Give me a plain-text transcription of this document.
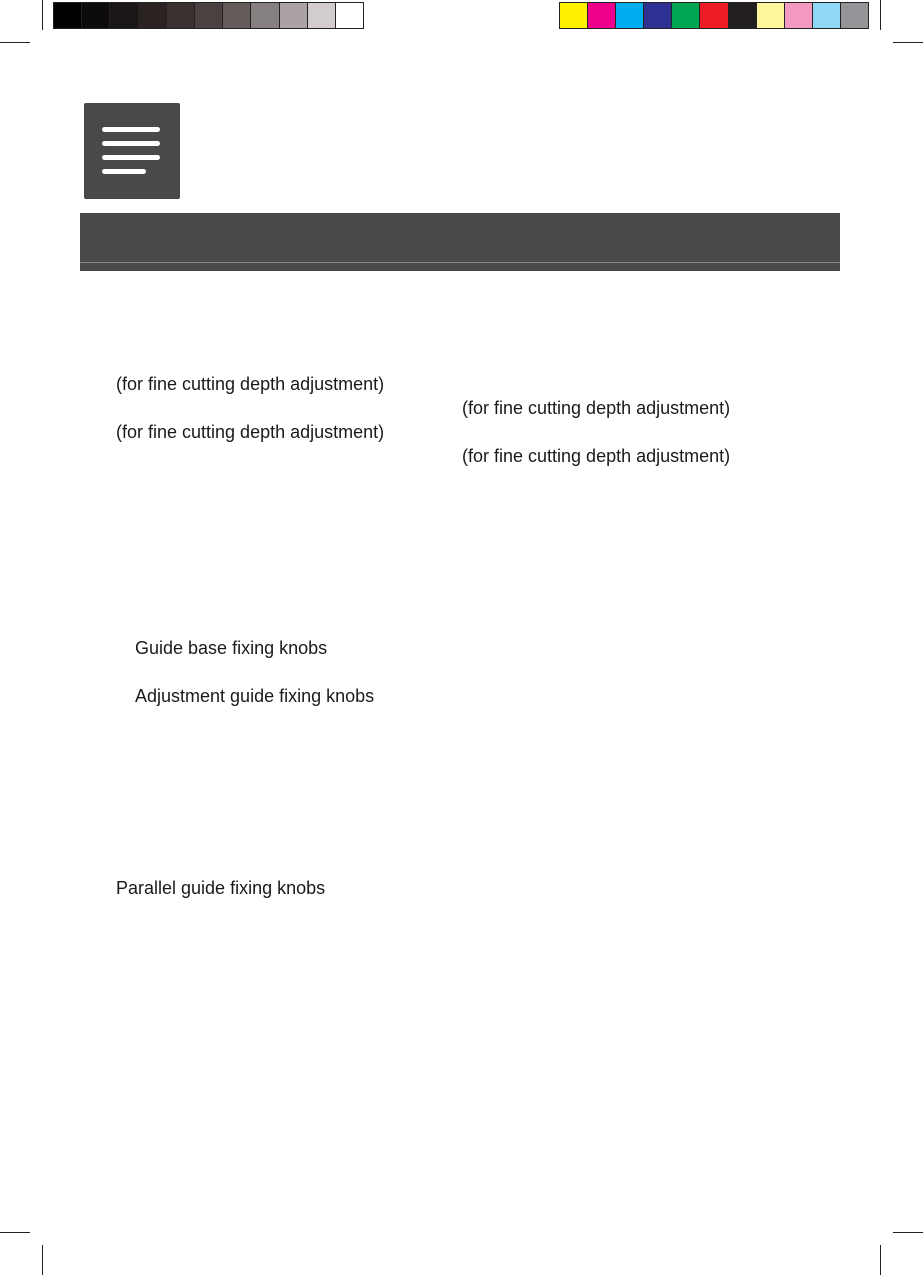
(for fine cutting depth adjustment)
(for fine cutting depth adjustment)
(for fine cutting depth adjustment)
(for fine cutting depth adjustment)
Guide base fixing knobs
Adjustment guide fixing knobs
Parallel guide fixing knobs
